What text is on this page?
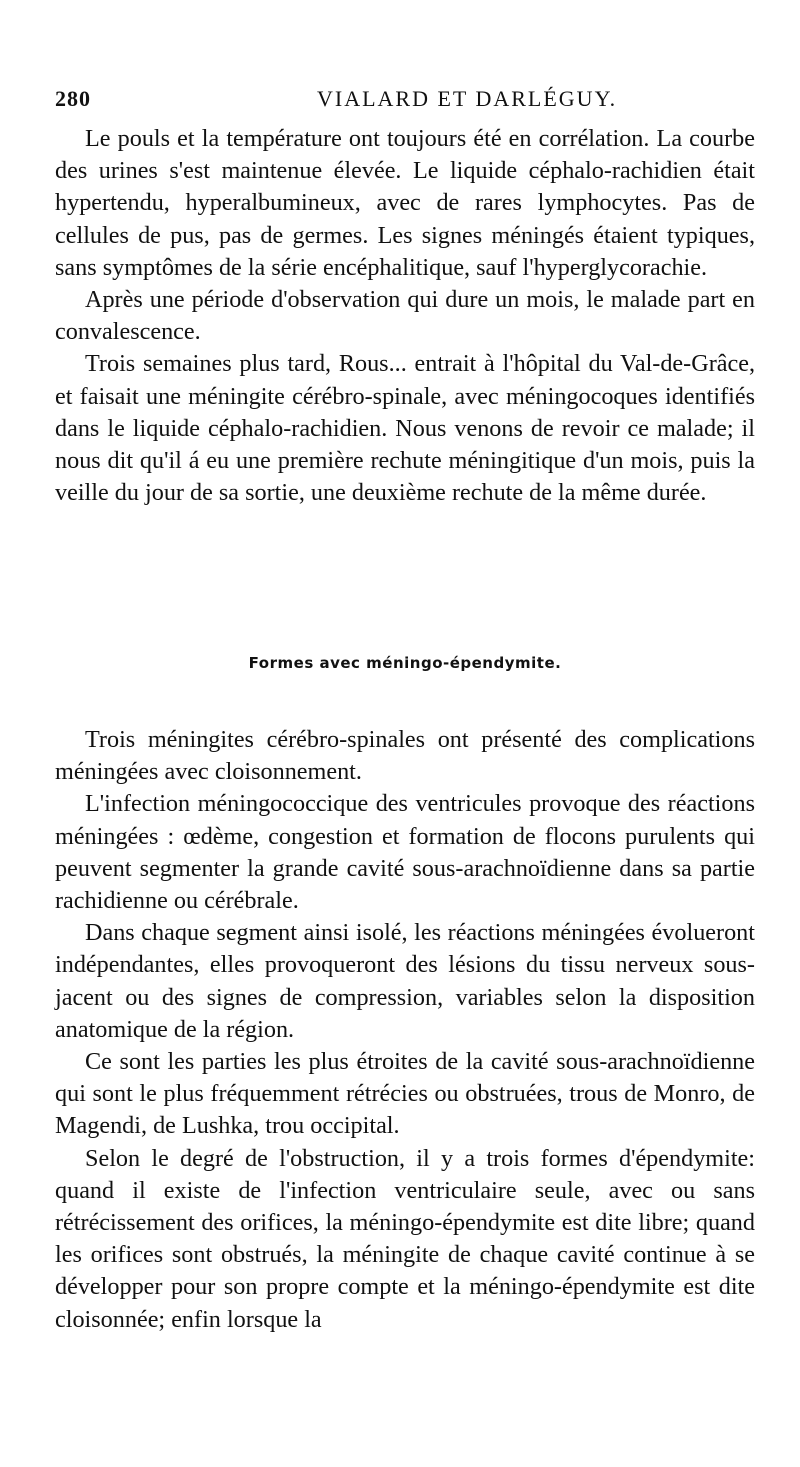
280	VIALARD ET DARLÉGUY.

Le pouls et la température ont toujours été en corrélation. La courbe des urines s'est maintenue élevée. Le liquide céphalo-rachidien était hypertendu, hyperalbumineux, avec de rares lymphocytes. Pas de cellules de pus, pas de germes. Les signes méningés étaient typiques, sans symptômes de la série encéphalitique, sauf l'hyperglycorachie.

Après une période d'observation qui dure un mois, le malade part en convalescence.

Trois semaines plus tard, Rous... entrait à l'hôpital du Val-de-Grâce, et faisait une méningite cérébro-spinale, avec méningocoques identifiés dans le liquide céphalo-rachidien. Nous venons de revoir ce malade; il nous dit qu'il á eu une première rechute méningitique d'un mois, puis la veille du jour de sa sortie, une deuxième rechute de la même durée.

Formes avec méningo-épendymite.

Trois méningites cérébro-spinales ont présenté des complications méningées avec cloisonnement.

L'infection méningococcique des ventricules provoque des réactions méningées : œdème, congestion et formation de flocons purulents qui peuvent segmenter la grande cavité sous-arachnoïdienne dans sa partie rachidienne ou cérébrale.

Dans chaque segment ainsi isolé, les réactions méningées évolueront indépendantes, elles provoqueront des lésions du tissu nerveux sous-jacent ou des signes de compression, variables selon la disposition anatomique de la région.

Ce sont les parties les plus étroites de la cavité sous-arachnoïdienne qui sont le plus fréquemment rétrécies ou obstruées, trous de Monro, de Magendi, de Lushka, trou occipital.

Selon le degré de l'obstruction, il y a trois formes d'épendymite: quand il existe de l'infection ventriculaire seule, avec ou sans rétrécissement des orifices, la méningo-épendymite est dite libre; quand les orifices sont obstrués, la méningite de chaque cavité continue à se développer pour son propre compte et la méningo-épendymite est dite cloisonnée; enfin lorsque la
